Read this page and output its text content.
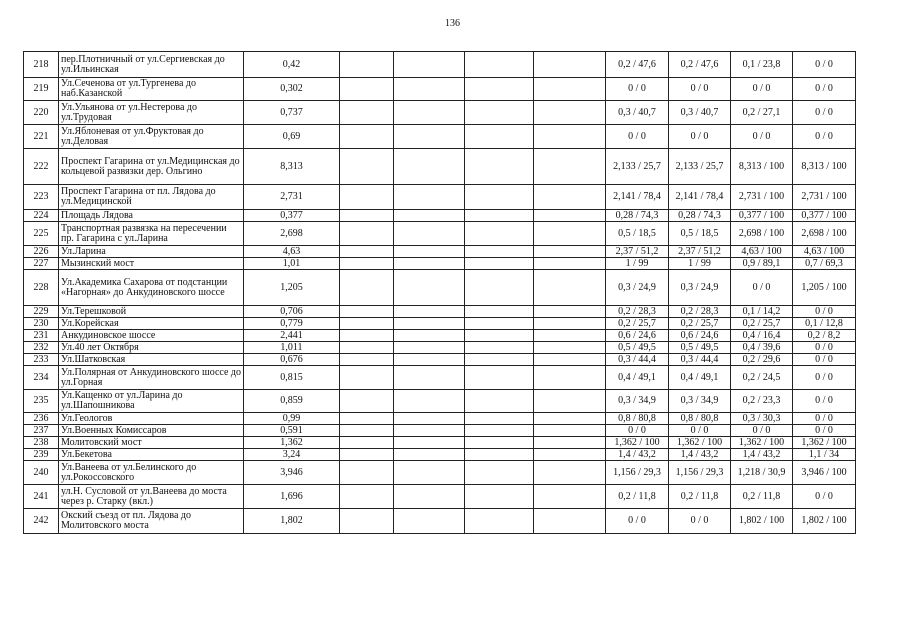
136
218	пер.Плотничный от ул.Сергиевская до ул.Ильинская	0,42					0,2 / 47,6	0,2 / 47,6	0,1 / 23,8	0 / 0
219	Ул.Сеченова от ул.Тургенева до наб.Казанской	0,302					0 / 0	0 / 0	0 / 0	0 / 0
220	Ул.Ульянова от ул.Нестерова до ул.Трудовая	0,737					0,3 / 40,7	0,3 / 40,7	0,2 / 27,1	0 / 0
221	Ул.Яблоневая от ул.Фруктовая до ул.Деловая	0,69					0 / 0	0 / 0	0 / 0	0 / 0
222	Проспект Гагарина от ул.Медицинская до кольцевой развязки дер. Ольгино	8,313					2,133 / 25,7	2,133 / 25,7	8,313 / 100	8,313 / 100
223	Проспект Гагарина от пл. Лядова до ул.Медицинской	2,731					2,141 / 78,4	2,141 / 78,4	2,731 / 100	2,731 / 100
224	Площадь Лядова	0,377					0,28 / 74,3	0,28 / 74,3	0,377 / 100	0,377 / 100
225	Транспортная развязка на пересечении пр. Гагарина с ул.Ларина	2,698					0,5 / 18,5	0,5 / 18,5	2,698 / 100	2,698 / 100
226	Ул.Ларина	4,63					2,37 / 51,2	2,37 / 51,2	4,63 / 100	4,63 / 100
227	Мызинский мост	1,01					1 / 99	1 / 99	0,9 / 89,1	0,7 / 69,3
228	Ул.Академика Сахарова от подстанции «Нагорная» до Анкудиновского шоссе	1,205					0,3 / 24,9	0,3 / 24,9	0 / 0	1,205 / 100
229	Ул.Терешковой	0,706					0,2 / 28,3	0,2 / 28,3	0,1 / 14,2	0 / 0
230	Ул.Корейская	0,779					0,2 / 25,7	0,2 / 25,7	0,2 / 25,7	0,1 / 12,8
231	Анкудиновское шоссе	2,441					0,6 / 24,6	0,6 / 24,6	0,4 / 16,4	0,2 / 8,2
232	Ул.40 лет Октября	1,011					0,5 / 49,5	0,5 / 49,5	0,4 / 39,6	0 / 0
233	Ул.Шатковская	0,676					0,3 / 44,4	0,3 / 44,4	0,2 / 29,6	0 / 0
234	Ул.Полярная от Анкудиновского шоссе до ул.Горная	0,815					0,4 / 49,1	0,4 / 49,1	0,2 / 24,5	0 / 0
235	Ул.Кащенко от ул.Ларина до ул.Шапошникова	0,859					0,3 / 34,9	0,3 / 34,9	0,2 / 23,3	0 / 0
236	Ул.Геологов	0,99					0,8 / 80,8	0,8 / 80,8	0,3 / 30,3	0 / 0
237	Ул.Военных Комиссаров	0,591					0 / 0	0 / 0	0 / 0	0 / 0
238	Молитовский мост	1,362					1,362 / 100	1,362 / 100	1,362 / 100	1,362 / 100
239	Ул.Бекетова	3,24					1,4 / 43,2	1,4 / 43,2	1,4 / 43,2	1,1 / 34
240	Ул.Ванеева от ул.Белинского до ул.Рокоссовского	3,946					1,156 / 29,3	1,156 / 29,3	1,218 / 30,9	3,946 / 100
241	ул.Н. Сусловой от ул.Ванеева до моста через р. Старку (вкл.)	1,696					0,2 / 11,8	0,2 / 11,8	0,2 / 11,8	0 / 0
242	Окский съезд от пл. Лядова до Молитовского моста	1,802					0 / 0	0 / 0	1,802 / 100	1,802 / 100
